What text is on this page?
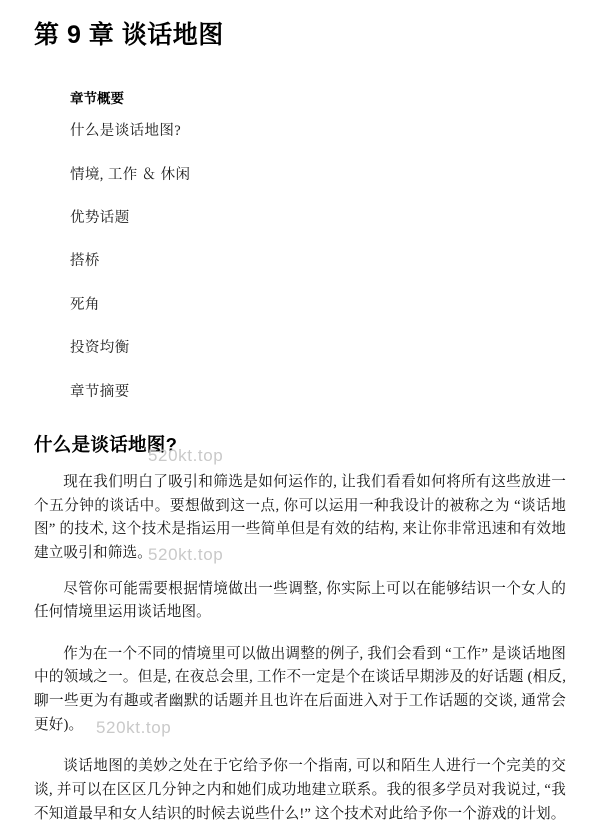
第 9 章 谈话地图
章节概要
什么是谈话地图?
情境, 工作 ＆ 休闲
优势话题
搭桥
死角
投资均衡
章节摘要
什么是谈话地图?

现在我们明白了吸引和筛选是如何运作的, 让我们看看如何将所有这些放进一个五分钟的谈话中。要想做到这一点, 你可以运用一种我设计的被称之为 “谈话地图” 的技术, 这个技术是指运用一些简单但是有效的结构, 来让你非常迅速和有效地建立吸引和筛选。

尽管你可能需要根据情境做出一些调整, 你实际上可以在能够结识一个女人的任何情境里运用谈话地图。

作为在一个不同的情境里可以做出调整的例子, 我们会看到 “工作” 是谈话地图中的领域之一。但是, 在夜总会里, 工作不一定是个在谈话早期涉及的好话题 (相反, 聊一些更为有趣或者幽默的话题并且也许在后面进入对于工作话题的交谈, 通常会更好)。

谈话地图的美妙之处在于它给予你一个指南, 可以和陌生人进行一个完美的交谈, 并可以在区区几分钟之内和她们成功地建立联系。我的很多学员对我说过, “我不知道最早和女人结识的时候去说些什么!” 这个技术对此给予你一个游戏的计划。

520kt.top
520kt.top
520kt.top
